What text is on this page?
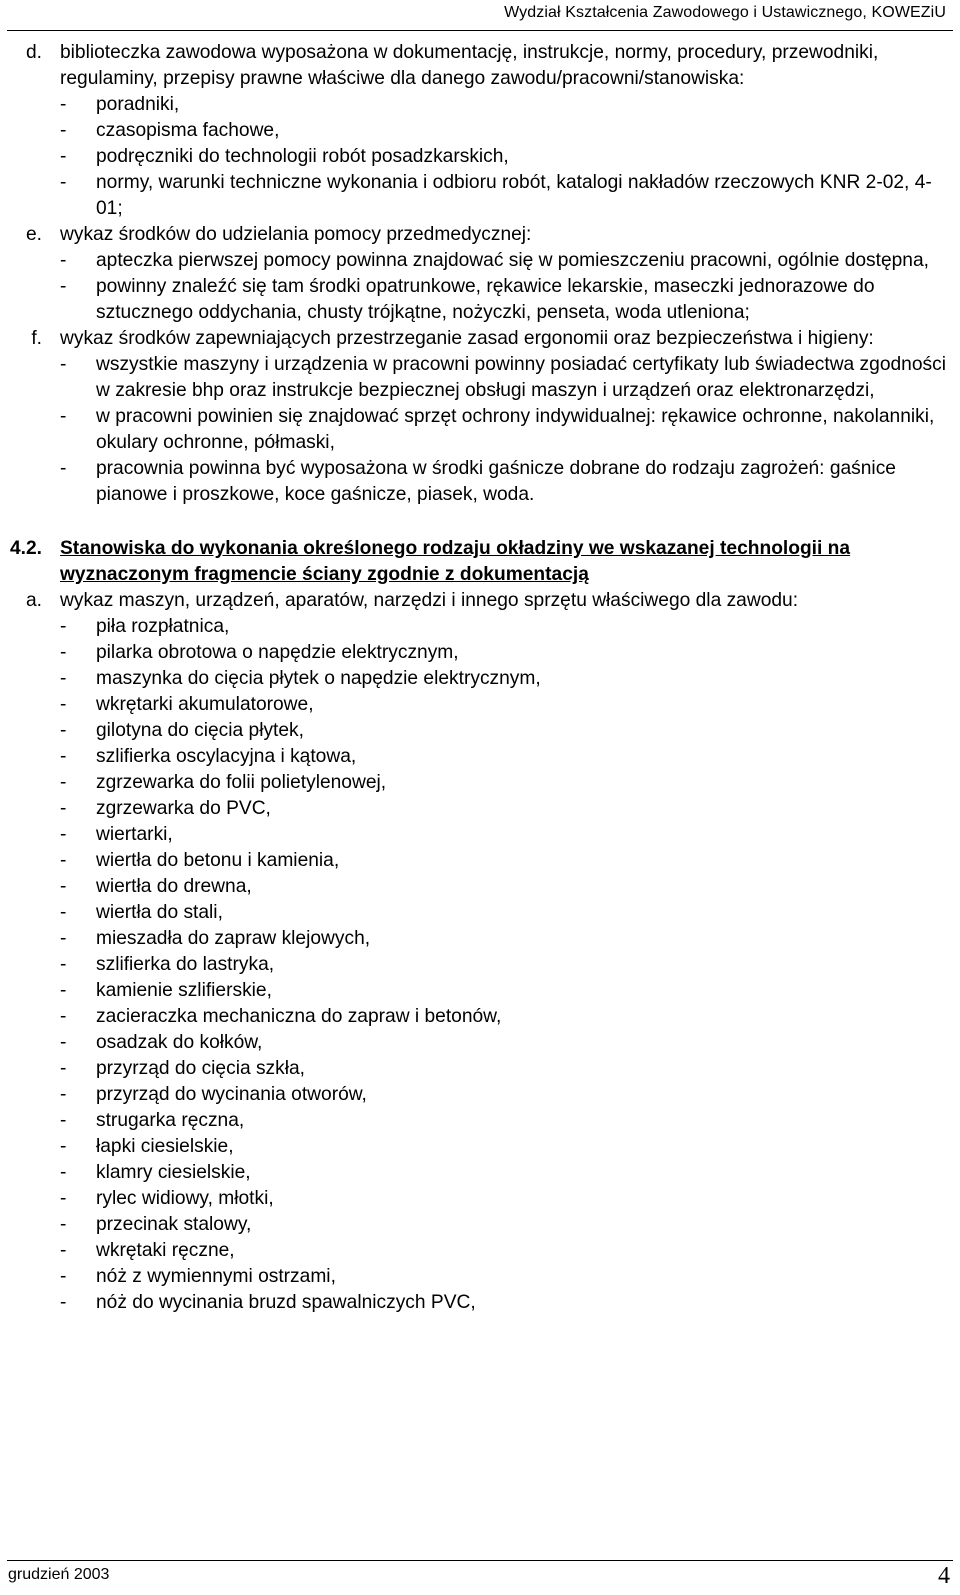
Wydział Kształcenia Zawodowego i Ustawicznego, KOWEZiU
d. biblioteczka zawodowa wyposażona w dokumentację, instrukcje, normy, procedury, przewodniki, regulaminy, przepisy prawne właściwe dla danego zawodu/pracowni/stanowiska:
- poradniki,
- czasopisma fachowe,
- podręczniki do technologii robót posadzkarskich,
- normy, warunki techniczne wykonania i odbioru robót, katalogi nakładów rzeczowych KNR 2-02, 4-01;
e. wykaz środków do udzielania pomocy przedmedycznej:
- apteczka pierwszej pomocy powinna znajdować się w pomieszczeniu pracowni, ogólnie dostępna,
- powinny znaleźć się tam środki opatrunkowe, rękawice lekarskie, maseczki jednorazowe do sztucznego oddychania, chusty trójkątne, nożyczki, penseta, woda utleniona;
f. wykaz środków zapewniających przestrzeganie zasad ergonomii oraz bezpieczeństwa i higieny:
- wszystkie maszyny i urządzenia w pracowni powinny posiadać certyfikaty lub świadectwa zgodności w zakresie bhp oraz instrukcje bezpiecznej obsługi maszyn i urządzeń oraz elektronarzędzi,
- w pracowni powinien się znajdować sprzęt ochrony indywidualnej: rękawice ochronne, nakolanniki, okulary ochronne, półmaski,
- pracownia powinna być wyposażona w środki gaśnicze dobrane do rodzaju zagrożeń: gaśnice pianowe i proszkowe, koce gaśnicze, piasek, woda.
4.2. Stanowiska do wykonania określonego rodzaju okładziny we wskazanej technologii na wyznaczonym fragmencie ściany zgodnie z dokumentacją
a. wykaz maszyn, urządzeń, aparatów, narzędzi i innego sprzętu właściwego dla zawodu:
- piła rozpłatnica,
- pilarka obrotowa o napędzie elektrycznym,
- maszynka do cięcia płytek o napędzie elektrycznym,
- wkrętarki akumulatorowe,
- gilotyna do cięcia płytek,
- szlifierka oscylacyjna i kątowa,
- zgrzewarka do folii polietylenowej,
- zgrzewarka do PVC,
- wiertarki,
- wiertła do betonu i kamienia,
- wiertła do drewna,
- wiertła do stali,
- mieszadła do zapraw klejowych,
- szlifierka do lastryka,
- kamienie szlifierskie,
- zacieraczka mechaniczna do zapraw i betonów,
- osadzak do kołków,
- przyrząd do cięcia szkła,
- przyrząd do wycinania otworów,
- strugarka ręczna,
- łapki ciesielskie,
- klamry ciesielskie,
- rylec widiowy, młotki,
- przecinak stalowy,
- wkrętaki ręczne,
- nóż z wymiennymi ostrzami,
- nóż do wycinania bruzd spawalniczych PVC,
grudzień 2003	4
